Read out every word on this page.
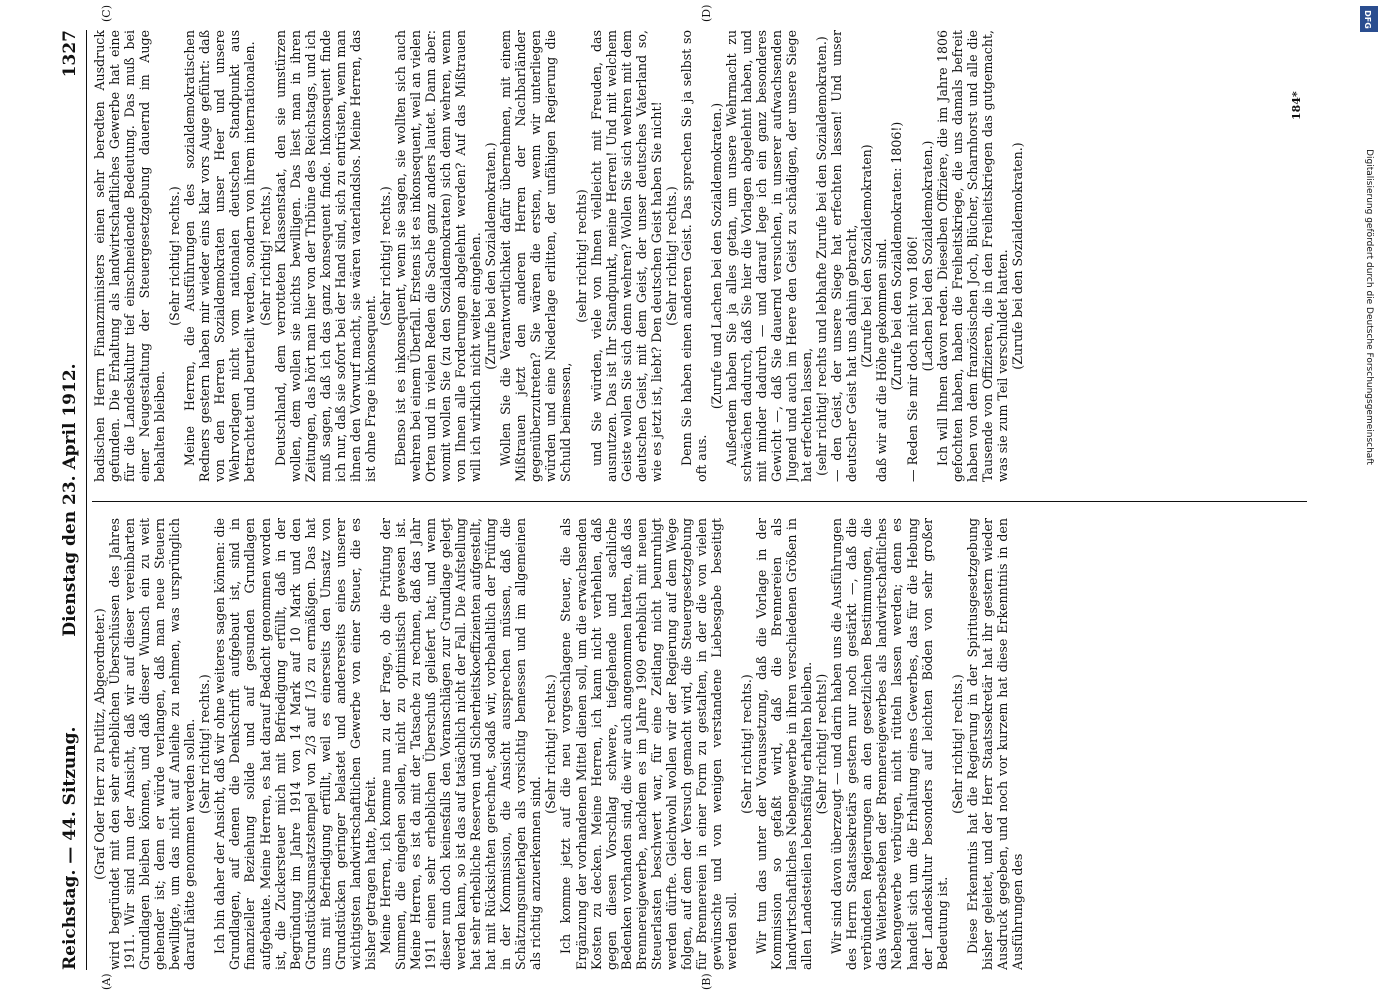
Reichstag. — 44. Sitzung.
Dienstag den 23. April 1912.
1327
(A)	(B)
(C)	(D)

(Graf Oder Herr zu Putlitz, Abgeordneter.) wird begründet mit den sehr erheblichen Überschüssen des Jahres 1911. Wir sind nun der Ansicht, daß wir auf dieser vereinbarten Grundlagen bleiben können, und daß dieser Wunsch ein zu weit gehender ist; denn er würde verlangen, daß man neue Steuern bewilligte, um das nicht auf Anleihe zu nehmen, was ursprünglich darauf hätte genommen werden sollen. (Sehr richtig! rechts.) Ich bin daher der Ansicht, daß wir ohne weiteres sagen können: die Grundlagen, auf denen die Denkschrift aufgebaut ist, sind in finanzieller Beziehung solide und auf gesunden Grundlagen aufgebaute. Meine Herren, es hat darauf Bedacht genommen worden ist, die Zuckersteuer mich mit Befriedigung erfüllt, daß in der Begründung im Jahre 1914 von 14 Mark auf 10 Mark und den Grundstücksumsatzstempel von 2/3 auf 1/3 zu ermäßigen. Das hat uns mit Befriedigung erfüllt, weil es einerseits den Umsatz von Grundstücken geringer belastet und andererseits eines unserer wichtigsten landwirtschaftlichen Gewerbe von einer Steuer, die es bisher getragen hatte, befreit. Meine Herren, ich komme nun zu der Frage, ob die Prüfung der Summen, die eingehen sollen, nicht zu optimistisch gewesen ist. Meine Herren, es ist da mit der Tatsache zu rechnen, daß das Jahr 1911 einen sehr erheblichen Überschuß geliefert hat; und wenn dieser nun doch keinesfalls den Voranschlägen zur Grundlage gelegt werden kann, so ist das auf tatsächlich nicht der Fall. Die Aufstellung hat sehr erhebliche Reserven und Sicherheitskoeffizienten aufgestellt, hat mit Rücksichten gerechnet, sodaß wir, vorbehaltlich der Prüfung in der Kommission, die Ansicht aussprechen müssen, daß die Schätzungsunterlagen als vorsichtig bemessen und im allgemeinen als richtig anzuerkennen sind.

(Sehr richtig! rechts.) Ich komme jetzt auf die neu vorgeschlagene Steuer, die als Ergänzung der vorhandenen Mittel dienen soll, um die erwachsenden Kosten zu decken. Meine Herren, ich kann nicht verhehlen, daß gegen diesen Vorschlag schwere, tiefgehende und sachliche Bedenken vorhanden sind, die wir auch angenommen hatten, daß das Brennereigewerbe, nachdem es im Jahre 1909 erheblich mit neuen Steuerlasten beschwert war, für eine Zeitlang nicht beunruhigt werden dürfte. Gleichwohl wollen wir der Regierung auf dem Wege folgen, auf dem der Versuch gemacht wird, die Steuergesetzgebung für Brennereien in einer Form zu gestalten, in der die von vielen gewünschte und von wenigen verstandene Liebesgabe beseitigt werden soll.

(Sehr richtig! rechts.) Wir tun das unter der Voraussetzung, daß die Vorlage in der Kommission so gefaßt wird, daß die Brennereien als landwirtschaftliches Nebengewerbe in ihren verschiedenen Größen in allen Landesteilen lebensfähig erhalten bleiben. (Sehr richtig! rechts!) Wir sind davon überzeugt — und darin haben uns die Ausführungen des Herrn Staatssekretärs gestern nur noch gestärkt —, daß die verbündeten Regierungen an den gesetzlichen Bestimmungen, die das Weiterbestehen der Brennereigewerbes als landwirtschaftliches Nebengewerbe verbürgen, nicht rütteln lassen werden; denn es handelt sich um die Erhaltung eines Gewerbes, das für die Hebung der Landeskultur besonders auf leichten Böden von sehr großer Bedeutung ist.

(Sehr richtig! rechts.) Diese Erkenntnis hat die Regierung in der Spiritusgesetzgebung bisher geleitet, und der Herr Staatssekretär hat ihr gestern wieder Ausdruck gegeben, und noch vor kurzem hat diese Erkenntnis in den Ausführungen des

badischen Herrn Finanzministers einen sehr beredten Ausdruck gefunden. Die Erhaltung als landwirtschaftliches Gewerbe hat eine für die Landeskultur tief einschneidende Bedeutung. Das muß bei einer Neugestaltung der Steuergesetzgebung dauernd im Auge behalten bleiben.

(Sehr richtig! rechts.) Meine Herren, die Ausführungen des sozialdemokratischen Redners gestern haben mir wieder eins klar vors Auge geführt: daß von den Herren Sozialdemokraten unser Heer und unsere Wehrvorlagen nicht vom nationalen deutschen Standpunkt aus betrachtet und beurteilt werden, sondern von ihrem internationalen. (Sehr richtig! rechts.) Deutschland, dem verrotteten Klassenstaat, den sie umstürzen wollen, dem wollen sie nichts bewilligen. Das liest man in ihren Zeitungen, das hört man hier von der Tribüne des Reichstags, und ich muß sagen, daß ich das ganz konsequent finde. Inkonsequent finde ich nur, daß sie sofort bei der Hand sind, sich zu entrüsten, wenn man ihnen den Vorwurf macht, sie wären vaterlandslos. Meine Herren, das ist ohne Frage inkonsequent.

(Sehr richtig! rechts.) Ebenso ist es inkonsequent, wenn sie sagen, sie wollten sich auch wehren bei einem Überfall. Erstens ist es inkonsequent, weil an vielen Orten und in vielen Reden die Sache ganz anders lautet. Dann aber: womit wollen Sie (zu den Sozialdemokraten) sich denn wehren, wenn von Ihnen alle Forderungen abgelehnt werden? Auf das Mißtrauen will ich wirklich nicht weiter eingehen. (Zurufe bei den Sozialdemokraten.) Wollen Sie die Verantwortlichkeit dafür übernehmen, mit einem Mißtrauen jetzt den anderen Herren der Nachbarländer gegenüberzutreten? Sie wären die ersten, wenn wir unterliegen würden und eine Niederlage erlitten, der unfähigen Regierung die Schuld beimessen,

(sehr richtig! rechts) und Sie würden, viele von Ihnen vielleicht mit Freuden, das ausnutzen. Das ist Ihr Standpunkt, meine Herren! Und mit welchem Geiste wollen Sie sich denn wehren? Wollen Sie sich wehren mit dem deutschen Geist, mit dem Geist, der unser deutsches Vaterland so, wie es jetzt ist, liebt? Den deutschen Geist haben Sie nicht! (Sehr richtig! rechts.) Denn Sie haben einen anderen Geist. Das sprechen Sie ja selbst so oft aus.

(Zurufe und Lachen bei den Sozialdemokraten.) Außerdem haben Sie ja alles getan, um unsere Wehrmacht zu schwächen dadurch, daß Sie hier die Vorlagen abgelehnt haben, und mit minder dadurch — und darauf lege ich ein ganz besonderes Gewicht —, daß Sie dauernd versuchen, in unserer aufwachsenden Jugend und auch im Heere den Geist zu schädigen, der unsere Siege hat erfechten lassen, (sehr richtig! rechts und lebhafte Zurufe bei den Sozialdemokraten.) — den Geist, der unsere Siege hat erfechten lassen! Und unser deutscher Geist hat uns dahin gebracht, (Zurufe bei den Sozialdemokraten) daß wir auf die Höhe gekommen sind. (Zurufe bei den Sozialdemokraten: 1806!) — Reden Sie mir doch nicht von 1806! (Lachen bei den Sozialdemokraten.) Ich will Ihnen davon reden. Dieselben Offiziere, die im Jahre 1806 gefochten haben, haben die Freiheitskriege, die uns damals befreit haben von dem französischen Joch, Blücher, Scharnhorst und alle die Tausende von Offizieren, die in den Freiheitskriegen das gutgemacht, was sie zum Teil verschuldet hatten. (Zurufe bei den Sozialdemokraten.)

184*
DFG
Digitalisierung gefördert durch die Deutsche Forschungsgemeinschaft
